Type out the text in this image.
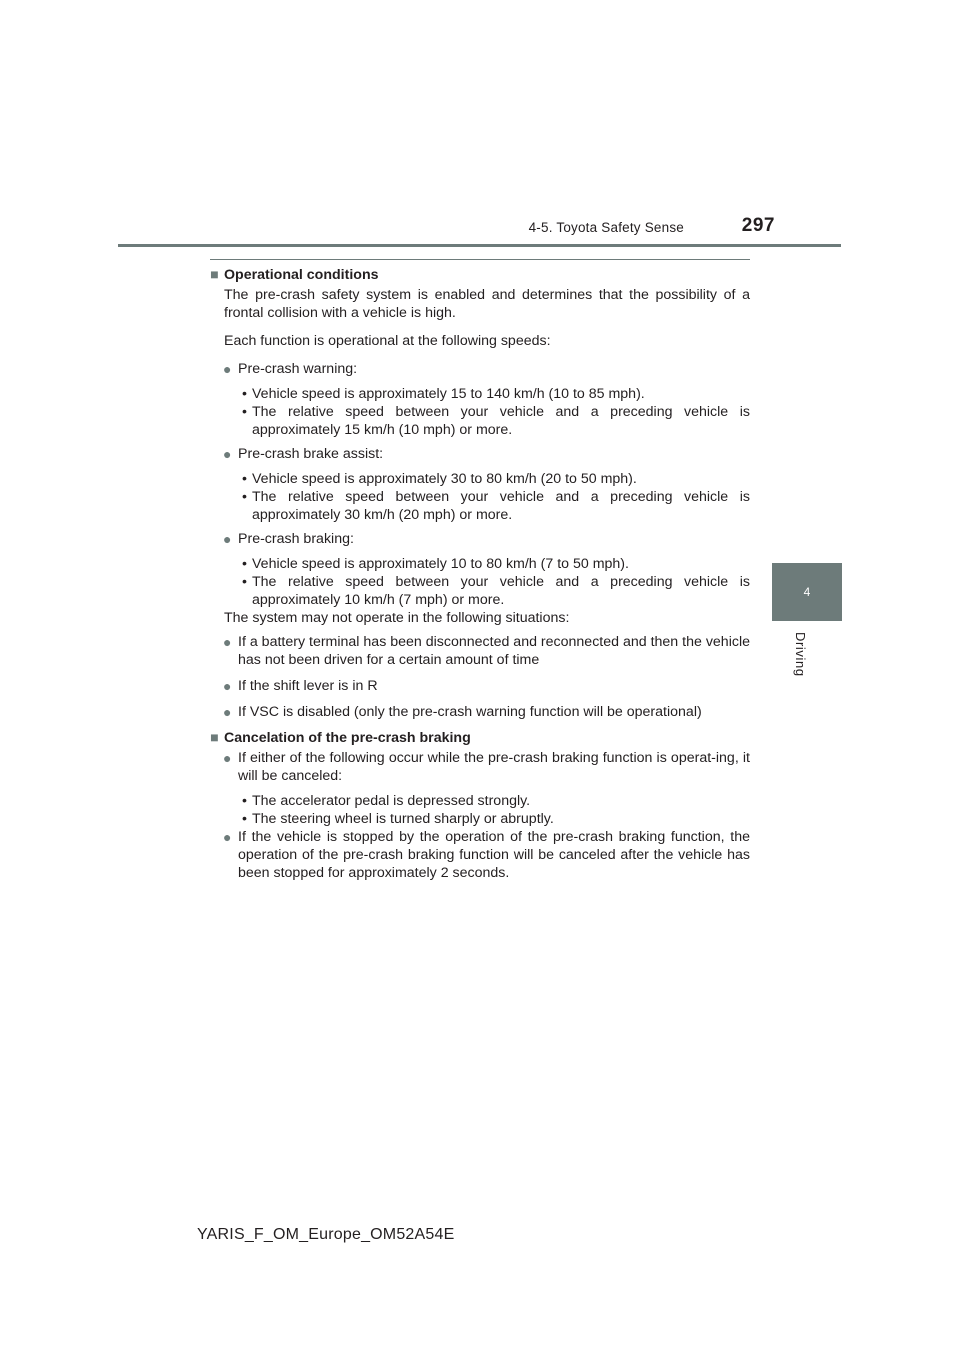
4-5. Toyota Safety Sense	297
4
Driving
■ Operational conditions

The pre-crash safety system is enabled and determines that the possibility of a frontal collision with a vehicle is high.

Each function is operational at the following speeds:

● Pre-crash warning:
• Vehicle speed is approximately 15 to 140 km/h (10 to 85 mph).
• The relative speed between your vehicle and a preceding vehicle is approximately 15 km/h (10 mph) or more.
● Pre-crash brake assist:
• Vehicle speed is approximately 30 to 80 km/h (20 to 50 mph).
• The relative speed between your vehicle and a preceding vehicle is approximately 30 km/h (20 mph) or more.
● Pre-crash braking:
• Vehicle speed is approximately 10 to 80 km/h (7 to 50 mph).
• The relative speed between your vehicle and a preceding vehicle is approximately 10 km/h (7 mph) or more.

The system may not operate in the following situations:

● If a battery terminal has been disconnected and reconnected and then the vehicle has not been driven for a certain amount of time
● If the shift lever is in R
● If VSC is disabled (only the pre-crash warning function will be operational)
■ Cancelation of the pre-crash braking
● If either of the following occur while the pre-crash braking function is operat-ing, it will be canceled:
• The accelerator pedal is depressed strongly.
• The steering wheel is turned sharply or abruptly.
● If the vehicle is stopped by the operation of the pre-crash braking function, the operation of the pre-crash braking function will be canceled after the vehicle has been stopped for approximately 2 seconds.
YARIS_F_OM_Europe_OM52A54E
